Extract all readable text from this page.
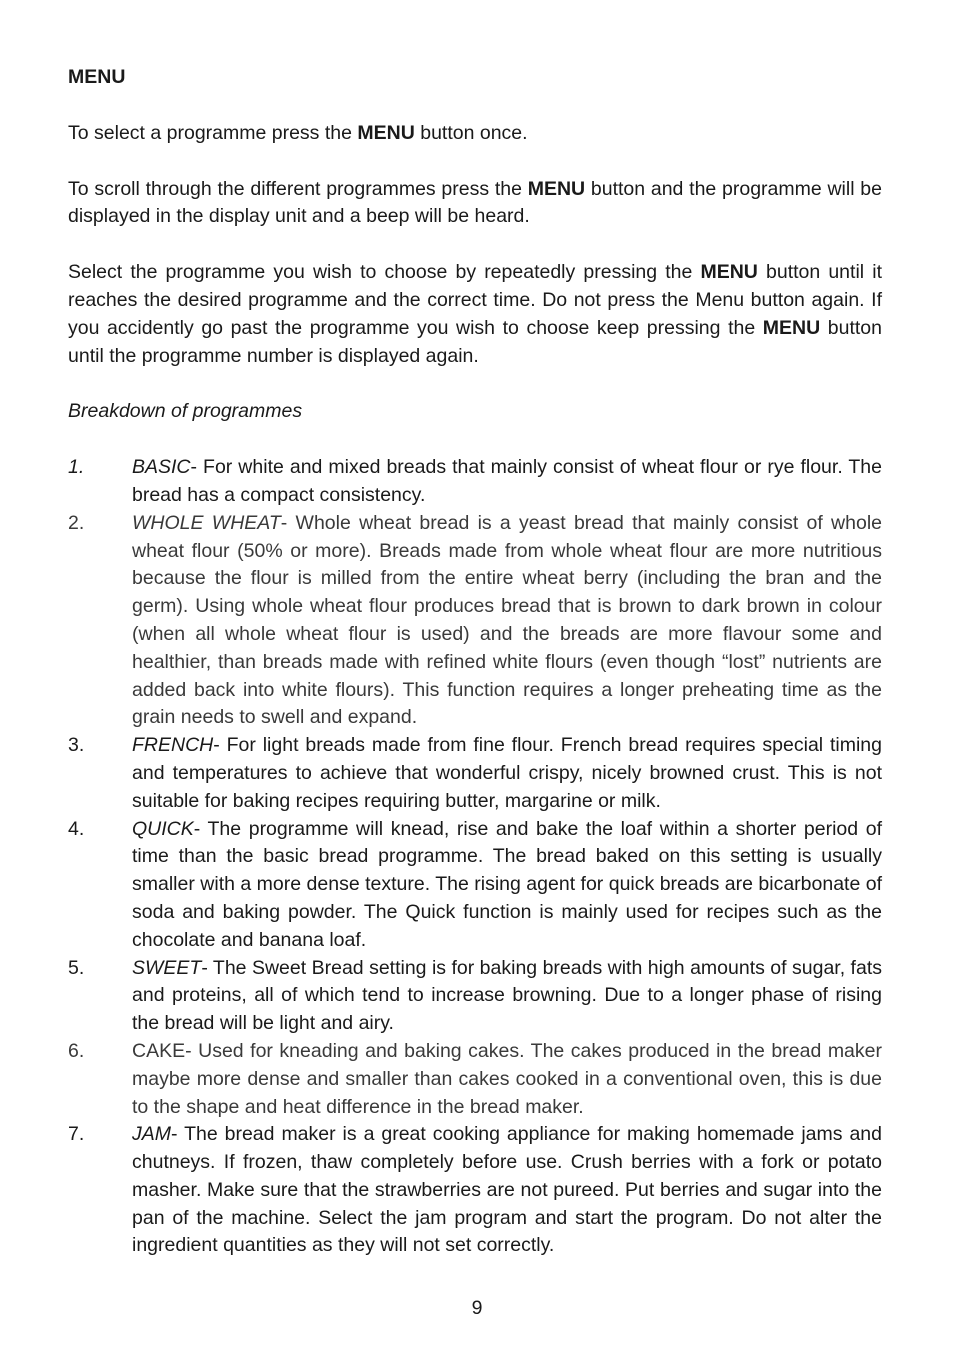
MENU

To select a programme press the MENU button once.

To scroll through the different programmes press the MENU button and the programme will be displayed in the display unit and a beep will be heard.

Select the programme you wish to choose by repeatedly pressing the MENU button until it reaches the desired programme and the correct time. Do not press the Menu button again. If you accidently go past the programme you wish to choose keep pressing the MENU button until the programme number is displayed again.

Breakdown of programmes
1.	BASIC- For white and mixed breads that mainly consist of wheat flour or rye flour. The bread has a compact consistency.
2.	WHOLE WHEAT- Whole wheat bread is a yeast bread that mainly consist of whole wheat flour (50% or more). Breads made from whole wheat flour are more nutritious because the flour is milled from the entire wheat berry (including the bran and the germ). Using whole wheat flour produces bread that is brown to dark brown in colour (when all whole wheat flour is used) and the breads are more flavour some and healthier, than breads made with refined white flours (even though “lost” nutrients are added back into white flours). This function requires a longer preheating time as the grain needs to swell and expand.
3.	FRENCH- For light breads made from fine flour. French bread requires special timing and temperatures to achieve that wonderful crispy, nicely browned crust. This is not suitable for baking recipes requiring butter, margarine or milk.
4.	QUICK- The programme will knead, rise and bake the loaf within a shorter period of time than the basic bread programme. The bread baked on this setting is usually smaller with a more dense texture. The rising agent for quick breads are bicarbonate of soda and baking powder. The Quick function is mainly used for recipes such as the chocolate and banana loaf.
5.	SWEET- The Sweet Bread setting is for baking breads with high amounts of sugar, fats and proteins, all of which tend to increase browning. Due to a longer phase of rising the bread will be light and airy.
6.	CAKE- Used for kneading and baking cakes. The cakes produced in the bread maker maybe more dense and smaller than cakes cooked in a conventional oven, this is due to the shape and heat difference in the bread maker.
7.	JAM- The bread maker is a great cooking appliance for making homemade jams and chutneys. If frozen, thaw completely before use. Crush berries with a fork or potato masher. Make sure that the strawberries are not pureed. Put berries and sugar into the pan of the machine. Select the jam program and start the program. Do not alter the ingredient quantities as they will not set correctly.
9
